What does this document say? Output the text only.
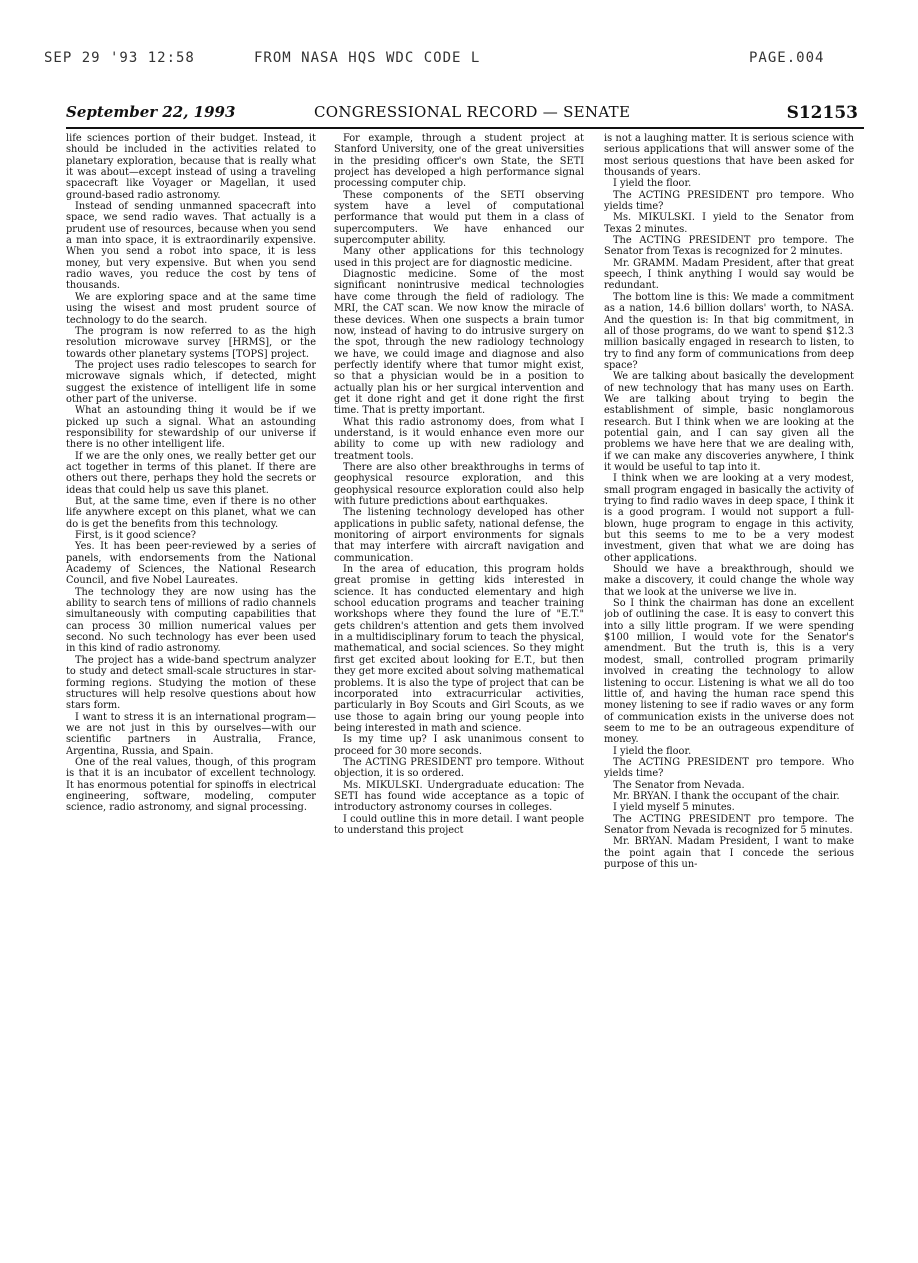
SEP 29 '93 12:58	FROM NASA HQS WDC CODE L	PAGE.004
September 22, 1993	CONGRESSIONAL RECORD — SENATE	S12153

life sciences portion of their budget. Instead, it should be included in the activities related to planetary exploration, because that is really what it was about—except instead of using a traveling spacecraft like Voyager or Magellan, it used ground-based radio astronomy.

Instead of sending unmanned spacecraft into space, we send radio waves. That actually is a prudent use of resources, because when you send a man into space, it is extraordinarily expensive. When you send a robot into space, it is less money, but very expensive. But when you send radio waves, you reduce the cost by tens of thousands.

We are exploring space and at the same time using the wisest and most prudent source of technology to do the search.

The program is now referred to as the high resolution microwave survey [HRMS], or the towards other planetary systems [TOPS] project.

The project uses radio telescopes to search for microwave signals which, if detected, might suggest the existence of intelligent life in some other part of the universe.

What an astounding thing it would be if we picked up such a signal. What an astounding responsibility for stewardship of our universe if there is no other intelligent life.

If we are the only ones, we really better get our act together in terms of this planet. If there are others out there, perhaps they hold the secrets or ideas that could help us save this planet.

But, at the same time, even if there is no other life anywhere except on this planet, what we can do is get the benefits from this technology.

First, is it good science?

Yes. It has been peer-reviewed by a series of panels, with endorsements from the National Academy of Sciences, the National Research Council, and five Nobel Laureates.

The technology they are now using has the ability to search tens of millions of radio channels simultaneously with computing capabilities that can process 30 million numerical values per second. No such technology has ever been used in this kind of radio astronomy.

The project has a wide-band spectrum analyzer to study and detect small-scale structures in star-forming regions. Studying the motion of these structures will help resolve questions about how stars form.

I want to stress it is an international program—we are not just in this by ourselves—with our scientific partners in Australia, France, Argentina, Russia, and Spain.

One of the real values, though, of this program is that it is an incubator of excellent technology. It has enormous potential for spinoffs in electrical engineering, software, modeling, computer science, radio astronomy, and signal processing.

For example, through a student project at Stanford University, one of the great universities in the presiding officer's own State, the SETI project has developed a high performance signal processing computer chip.

These components of the SETI observing system have a level of computational performance that would put them in a class of supercomputers. We have enhanced our supercomputer ability.

Many other applications for this technology used in this project are for diagnostic medicine.

Diagnostic medicine. Some of the most significant nonintrusive medical technologies have come through the field of radiology. The MRI, the CAT scan. We now know the miracle of these devices. When one suspects a brain tumor now, instead of having to do intrusive surgery on the spot, through the new radiology technology we have, we could image and diagnose and also perfectly identify where that tumor might exist, so that a physician would be in a position to actually plan his or her surgical intervention and get it done right and get it done right the first time. That is pretty important.

What this radio astronomy does, from what I understand, is it would enhance even more our ability to come up with new radiology and treatment tools.

There are also other breakthroughs in terms of geophysical resource exploration, and this geophysical resource exploration could also help with future predictions about earthquakes.

The listening technology developed has other applications in public safety, national defense, the monitoring of airport environments for signals that may interfere with aircraft navigation and communication.

In the area of education, this program holds great promise in getting kids interested in science. It has conducted elementary and high school education programs and teacher training workshops where they found the lure of "E.T." gets children's attention and gets them involved in a multidisciplinary forum to teach the physical, mathematical, and social sciences. So they might first get excited about looking for E.T., but then they get more excited about solving mathematical problems. It is also the type of project that can be incorporated into extracurricular activities, particularly in Boy Scouts and Girl Scouts, as we use those to again bring our young people into being interested in math and science.

Is my time up? I ask unanimous consent to proceed for 30 more seconds.

The ACTING PRESIDENT pro tempore. Without objection, it is so ordered.

Ms. MIKULSKI. Undergraduate education: The SETI has found wide acceptance as a topic of introductory astronomy courses in colleges.

I could outline this in more detail. I want people to understand this project

is not a laughing matter. It is serious science with serious applications that will answer some of the most serious questions that have been asked for thousands of years.

I yield the floor.

The ACTING PRESIDENT pro tempore. Who yields time?

Ms. MIKULSKI. I yield to the Senator from Texas 2 minutes.

The ACTING PRESIDENT pro tempore. The Senator from Texas is recognized for 2 minutes.

Mr. GRAMM. Madam President, after that great speech, I think anything I would say would be redundant.

The bottom line is this: We made a commitment as a nation, 14.6 billion dollars' worth, to NASA. And the question is: In that big commitment, in all of those programs, do we want to spend $12.3 million basically engaged in research to listen, to try to find any form of communications from deep space?

We are talking about basically the development of new technology that has many uses on Earth. We are talking about trying to begin the establishment of simple, basic nonglamorous research. But I think when we are looking at the potential gain, and I can say given all the problems we have here that we are dealing with, if we can make any discoveries anywhere, I think it would be useful to tap into it.

I think when we are looking at a very modest, small program engaged in basically the activity of trying to find radio waves in deep space, I think it is a good program. I would not support a full-blown, huge program to engage in this activity, but this seems to me to be a very modest investment, given that what we are doing has other applications.

Should we have a breakthrough, should we make a discovery, it could change the whole way that we look at the universe we live in.

So I think the chairman has done an excellent job of outlining the case. It is easy to convert this into a silly little program. If we were spending $100 million, I would vote for the Senator's amendment. But the truth is, this is a very modest, small, controlled program primarily involved in creating the technology to allow listening to occur. Listening is what we all do too little of, and having the human race spend this money listening to see if radio waves or any form of communication exists in the universe does not seem to me to be an outrageous expenditure of money.

I yield the floor.

The ACTING PRESIDENT pro tempore. Who yields time?

The Senator from Nevada.

Mr. BRYAN. I thank the occupant of the chair.

I yield myself 5 minutes.

The ACTING PRESIDENT pro tempore. The Senator from Nevada is recognized for 5 minutes.

Mr. BRYAN. Madam President, I want to make the point again that I concede the serious purpose of this un-
